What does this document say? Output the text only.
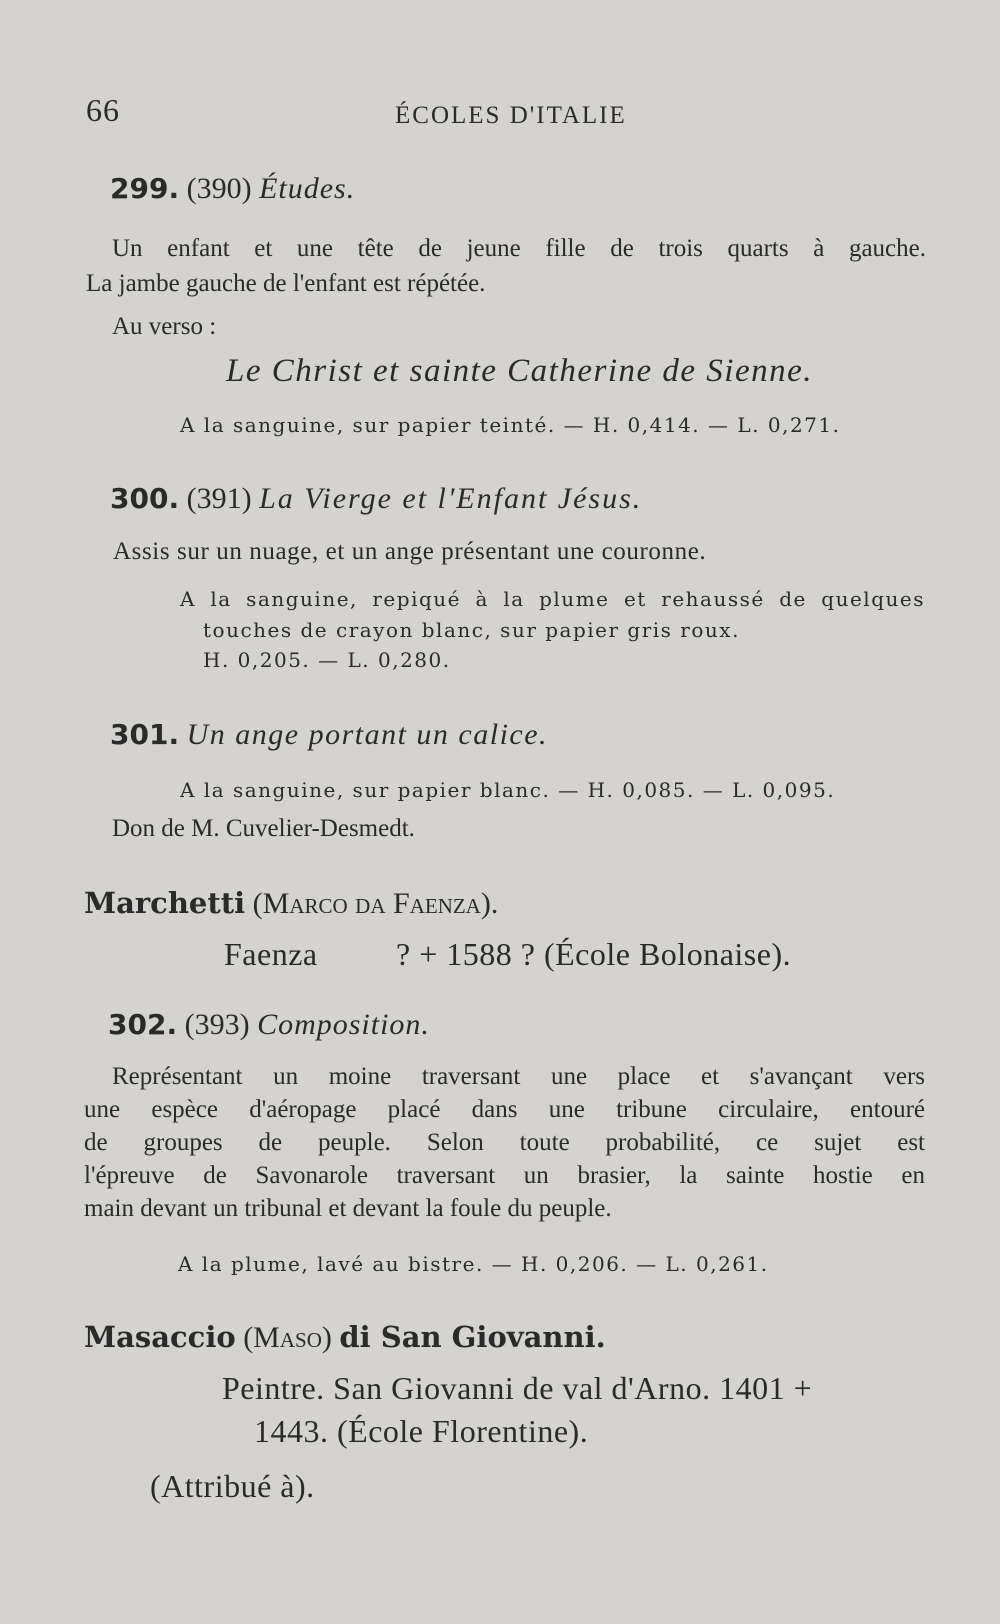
66	ÉCOLES D'ITALIE
299. (390) Études.
Un enfant et une tête de jeune fille de trois quarts à gauche.
La jambe gauche de l'enfant est répétée.
Au verso :
Le Christ et sainte Catherine de Sienne.
A la sanguine, sur papier teinté. — H. 0,414. — L. 0,271.
300. (391) La Vierge et l'Enfant Jésus.
Assis sur un nuage, et un ange présentant une couronne.
A la sanguine, repiqué à la plume et rehaussé de quelques
touches de crayon blanc, sur papier gris roux.
H. 0,205. — L. 0,280.
301. Un ange portant un calice.
A la sanguine, sur papier blanc. — H. 0,085. — L. 0,095.
Don de M. Cuvelier-Desmedt.
Marchetti (Marco da Faenza).
Faenza ? + 1588 ? (École Bolonaise).
302. (393) Composition.
Représentant un moine traversant une place et s'avançant vers
une espèce d'aéropage placé dans une tribune circulaire, entouré
de groupes de peuple. Selon toute probabilité, ce sujet est
l'épreuve de Savonarole traversant un brasier, la sainte hostie en
main devant un tribunal et devant la foule du peuple.
A la plume, lavé au bistre. — H. 0,206. — L. 0,261.
Masaccio (Maso) di San Giovanni.
Peintre. San Giovanni de val d'Arno. 1401 +
1443. (École Florentine).
(Attribué à).
